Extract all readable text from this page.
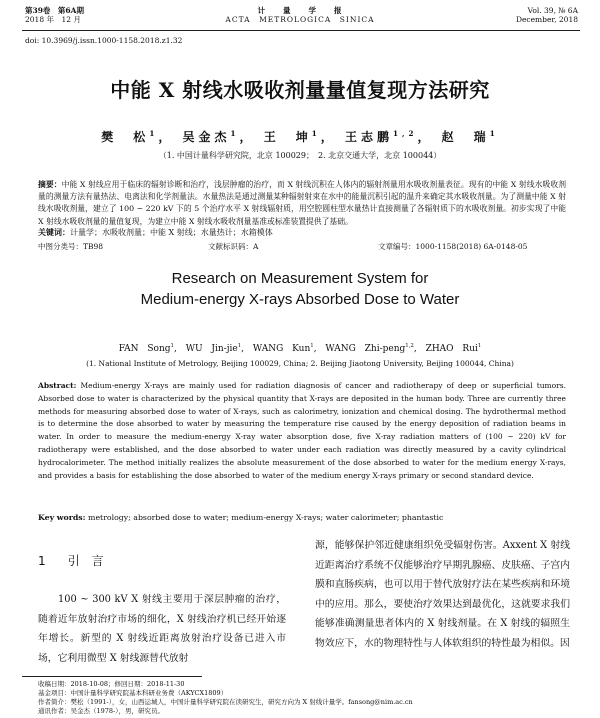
第39卷　第6A期
2018 年　12 月
计　　量　　学　　报
ACTA　METROLOGICA　SINICA
Vol. 39, № 6A
December, 2018
doi: 10.3969/j.issn.1000-1158.2018.z1.32
中能 X 射线水吸收剂量量值复现方法研究
樊　松$^1$， 吴金杰$^1$， 王　坤$^1$， 王志鹏$^{1,2}$， 赵　瑞$^1$
（1. 中国计量科学研究院，北京 100029；　2. 北京交通大学，北京 100044）
摘要：中能 X 射线应用于临床的辐射诊断和治疗，浅层肿瘤的治疗，而 X 射线沉积在人体内的辐射剂量用水吸收剂量表征。现有的中能 X 射线水吸收剂量的测量方法有量热法、电离法和化学剂量法。水量热法是通过测量某种辐射射束在水中的能量沉积引起的温升来确定其水吸收剂量。为了测量中能 X 射线水吸收剂量，建立了 100 ~ 220 kV 下的 5 个治疗水平 X 射线辐射质，用空腔圆柱型水量热计直接测量了各辐射质下的水吸收剂量。初步实现了中能 X 射线水吸收剂量的量值复现，为建立中能 X 射线水吸收剂量基准或标准装置提供了基础。
关键词：计量学；水吸收剂量；中能 X 射线；水量热计；水箱模体
中图分类号：TB98	文献标识码：A	文章编号：1000-1158(2018) 6A-0148-05
Research on Measurement System for
Medium-energy X-rays Absorbed Dose to Water
FAN Song$^1$, WU Jin-jie$^1$, WANG Kun$^1$, WANG Zhi-peng$^{1,2}$, ZHAO Rui$^1$
(1. National Institute of Metrology, Beijing 100029, China; 2. Beijing Jiaotong University, Beijing 100044, China)
Abstract: Medium-energy X-rays are mainly used for radiation diagnosis of cancer and radiotherapy of deep or superficial tumors. Absorbed dose to water is characterized by the physical quantity that X-rays are deposited in the human body. Three are currently three methods for measuring absorbed dose to water of X-rays, such as calorimetry, ionization and chemical dosing. The hydrothermal method is to determine the dose absorbed to water by measuring the temperature rise caused by the energy deposition of radiation beams in water. In order to measure the medium-energy X-ray water absorption dose, five X-ray radiation matters of (100 ~ 220) kV for radiotherapy were established, and the dose absorbed to water under each radiation was directly measured by a cavity cylindrical hydrocalorimeter. The method initially realizes the absolute measurement of the dose absorbed to water for the medium energy X-rays, and provides a basis for establishing the dose absorbed to water of the medium energy X-rays primary or second standard device.
Key words: metrology; absorbed dose to water; medium-energy X-rays; water calorimeter; phantastic
1 引　言
100 ~ 300 kV X 射线主要用于深层肿瘤的治疗，随着近年放射治疗市场的细化，X 射线治疗机已经开始逐年增长。新型的 X 射线近距离放射治疗设备已进入市场，它利用微型 X 射线源替代放射
源，能够保护邻近健康组织免受辐射伤害。Axxent X 射线近距离治疗系统不仅能够治疗早期乳腺癌、皮肤癌、子宫内膜和直肠疾病，也可以用于替代放射疗法在某些疾病和环境中的应用。那么，要使治疗效果达到最优化，这就要求我们能够准确测量患者体内的 X 射线剂量。在 X 射线的辐照生物效应下，水的物理特性与人体软组织的特性最为相似。因
收稿日期：2018-10-08；修回日期：2018-11-30
基金项目：中国计量科学研究院基本科研业务费（AKYCX1809）
作者简介：樊松（1991-），女，山西运城人，中国计量科学研究院在读研究生，研究方向为 X 射线计量学。fansong@nim.ac.cn
通讯作者：吴金杰（1978-），男，研究员。
